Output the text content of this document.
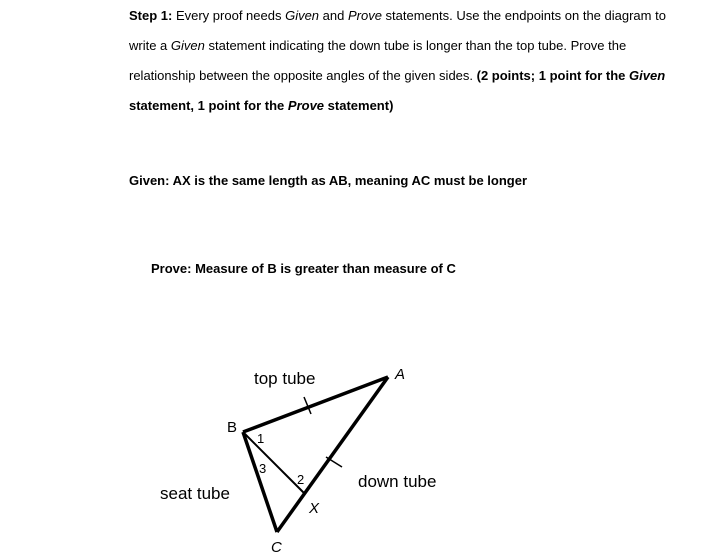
Step 1: Every proof needs Given and Prove statements. Use the endpoints on the diagram to write a Given statement indicating the down tube is longer than the top tube. Prove the relationship between the opposite angles of the given sides. (2 points; 1 point for the Given statement, 1 point for the Prove statement)
Given: AX is the same length as AB, meaning AC must be longer
Prove: Measure of B is greater than measure of C
top tube
down tube
seat tube
A
B
C
X
1
3
2
